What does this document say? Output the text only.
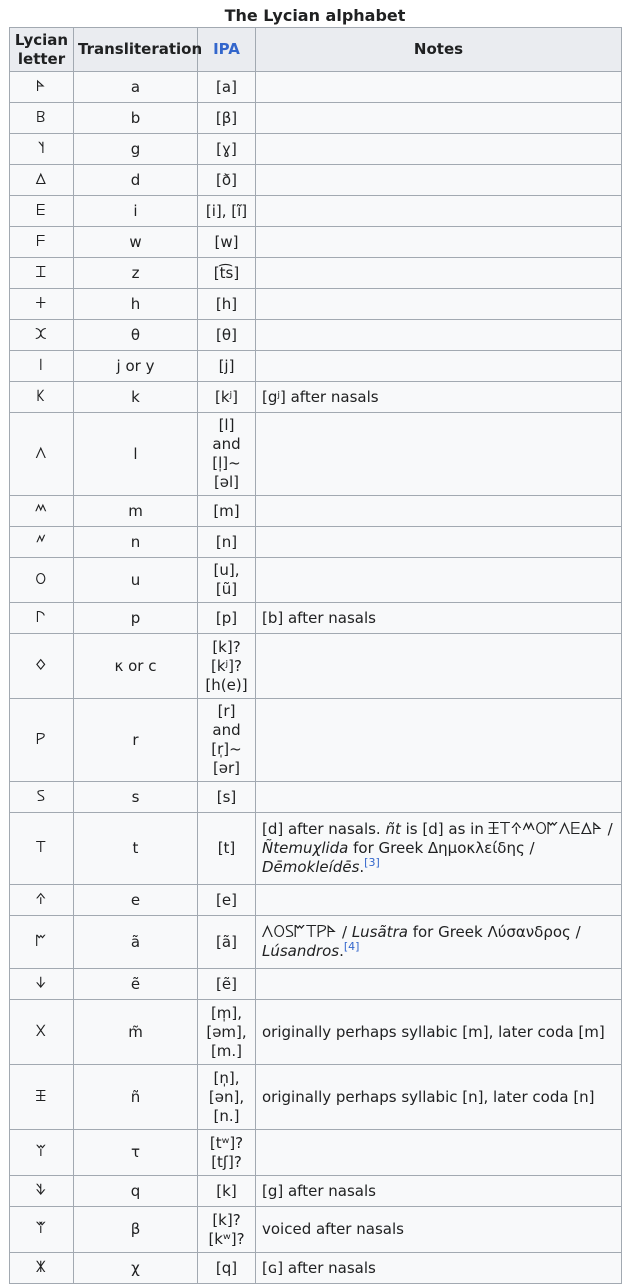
The Lycian alphabet
Lycian letter	Transliteration	IPA	Notes
𐊀	a	[a]	
𐊂	b	[β]	
𐊄	g	[ɣ]	
𐊅	d	[ð]	
𐊆	i	[i], [ĩ]	
𐊇	w	[w]	
𐊈	z	[t͡s]	
𐊛	h	[h]	
𐊉	θ	[θ]	
𐊊	j or y	[j]	
𐊋	k	[kʲ]	[gʲ] after nasals
𐊍	l	[l] and [l̩]~[əl]	
𐊎	m	[m]	
𐊏	n	[n]	
𐊒	u	[u], [ũ]	
𐊓	p	[p]	[b] after nasals
𐊔	κ or c	[k]? [kʲ]? [h(e)]	
𐊕	r	[r] and [r̩]~[ər]	
𐊖	s	[s]	
𐊗	t	[t]	[d] after nasals. ñt is [d] as in 𐊑𐊗𐊁𐊎𐊒𐊃𐊍𐊆𐊅𐊀 / Ñtemuχlida for Greek Δημοκλείδης / Dēmokleídēs.[3]
𐊁	e	[e]	
𐊃	ã	[ã]	𐊍𐊒𐊖𐊃𐊗𐊕𐊀 / Lusãtra for Greek Λύσανδρος / Lúsandros.[4]
𐊜	ẽ	[ẽ]	
𐊐	m̃	[m̩], [əm], [m.]	originally perhaps syllabic [m], later coda [m]
𐊑	ñ	[n̩], [ən], [n.]	originally perhaps syllabic [n], later coda [n]
𐊘	τ	[tʷ]? [tʃ]?	
𐊙	q	[k]	[g] after nasals
𐊚	β	[k]? [kʷ]?	voiced after nasals
𐊌	χ	[q]	[ɢ] after nasals
